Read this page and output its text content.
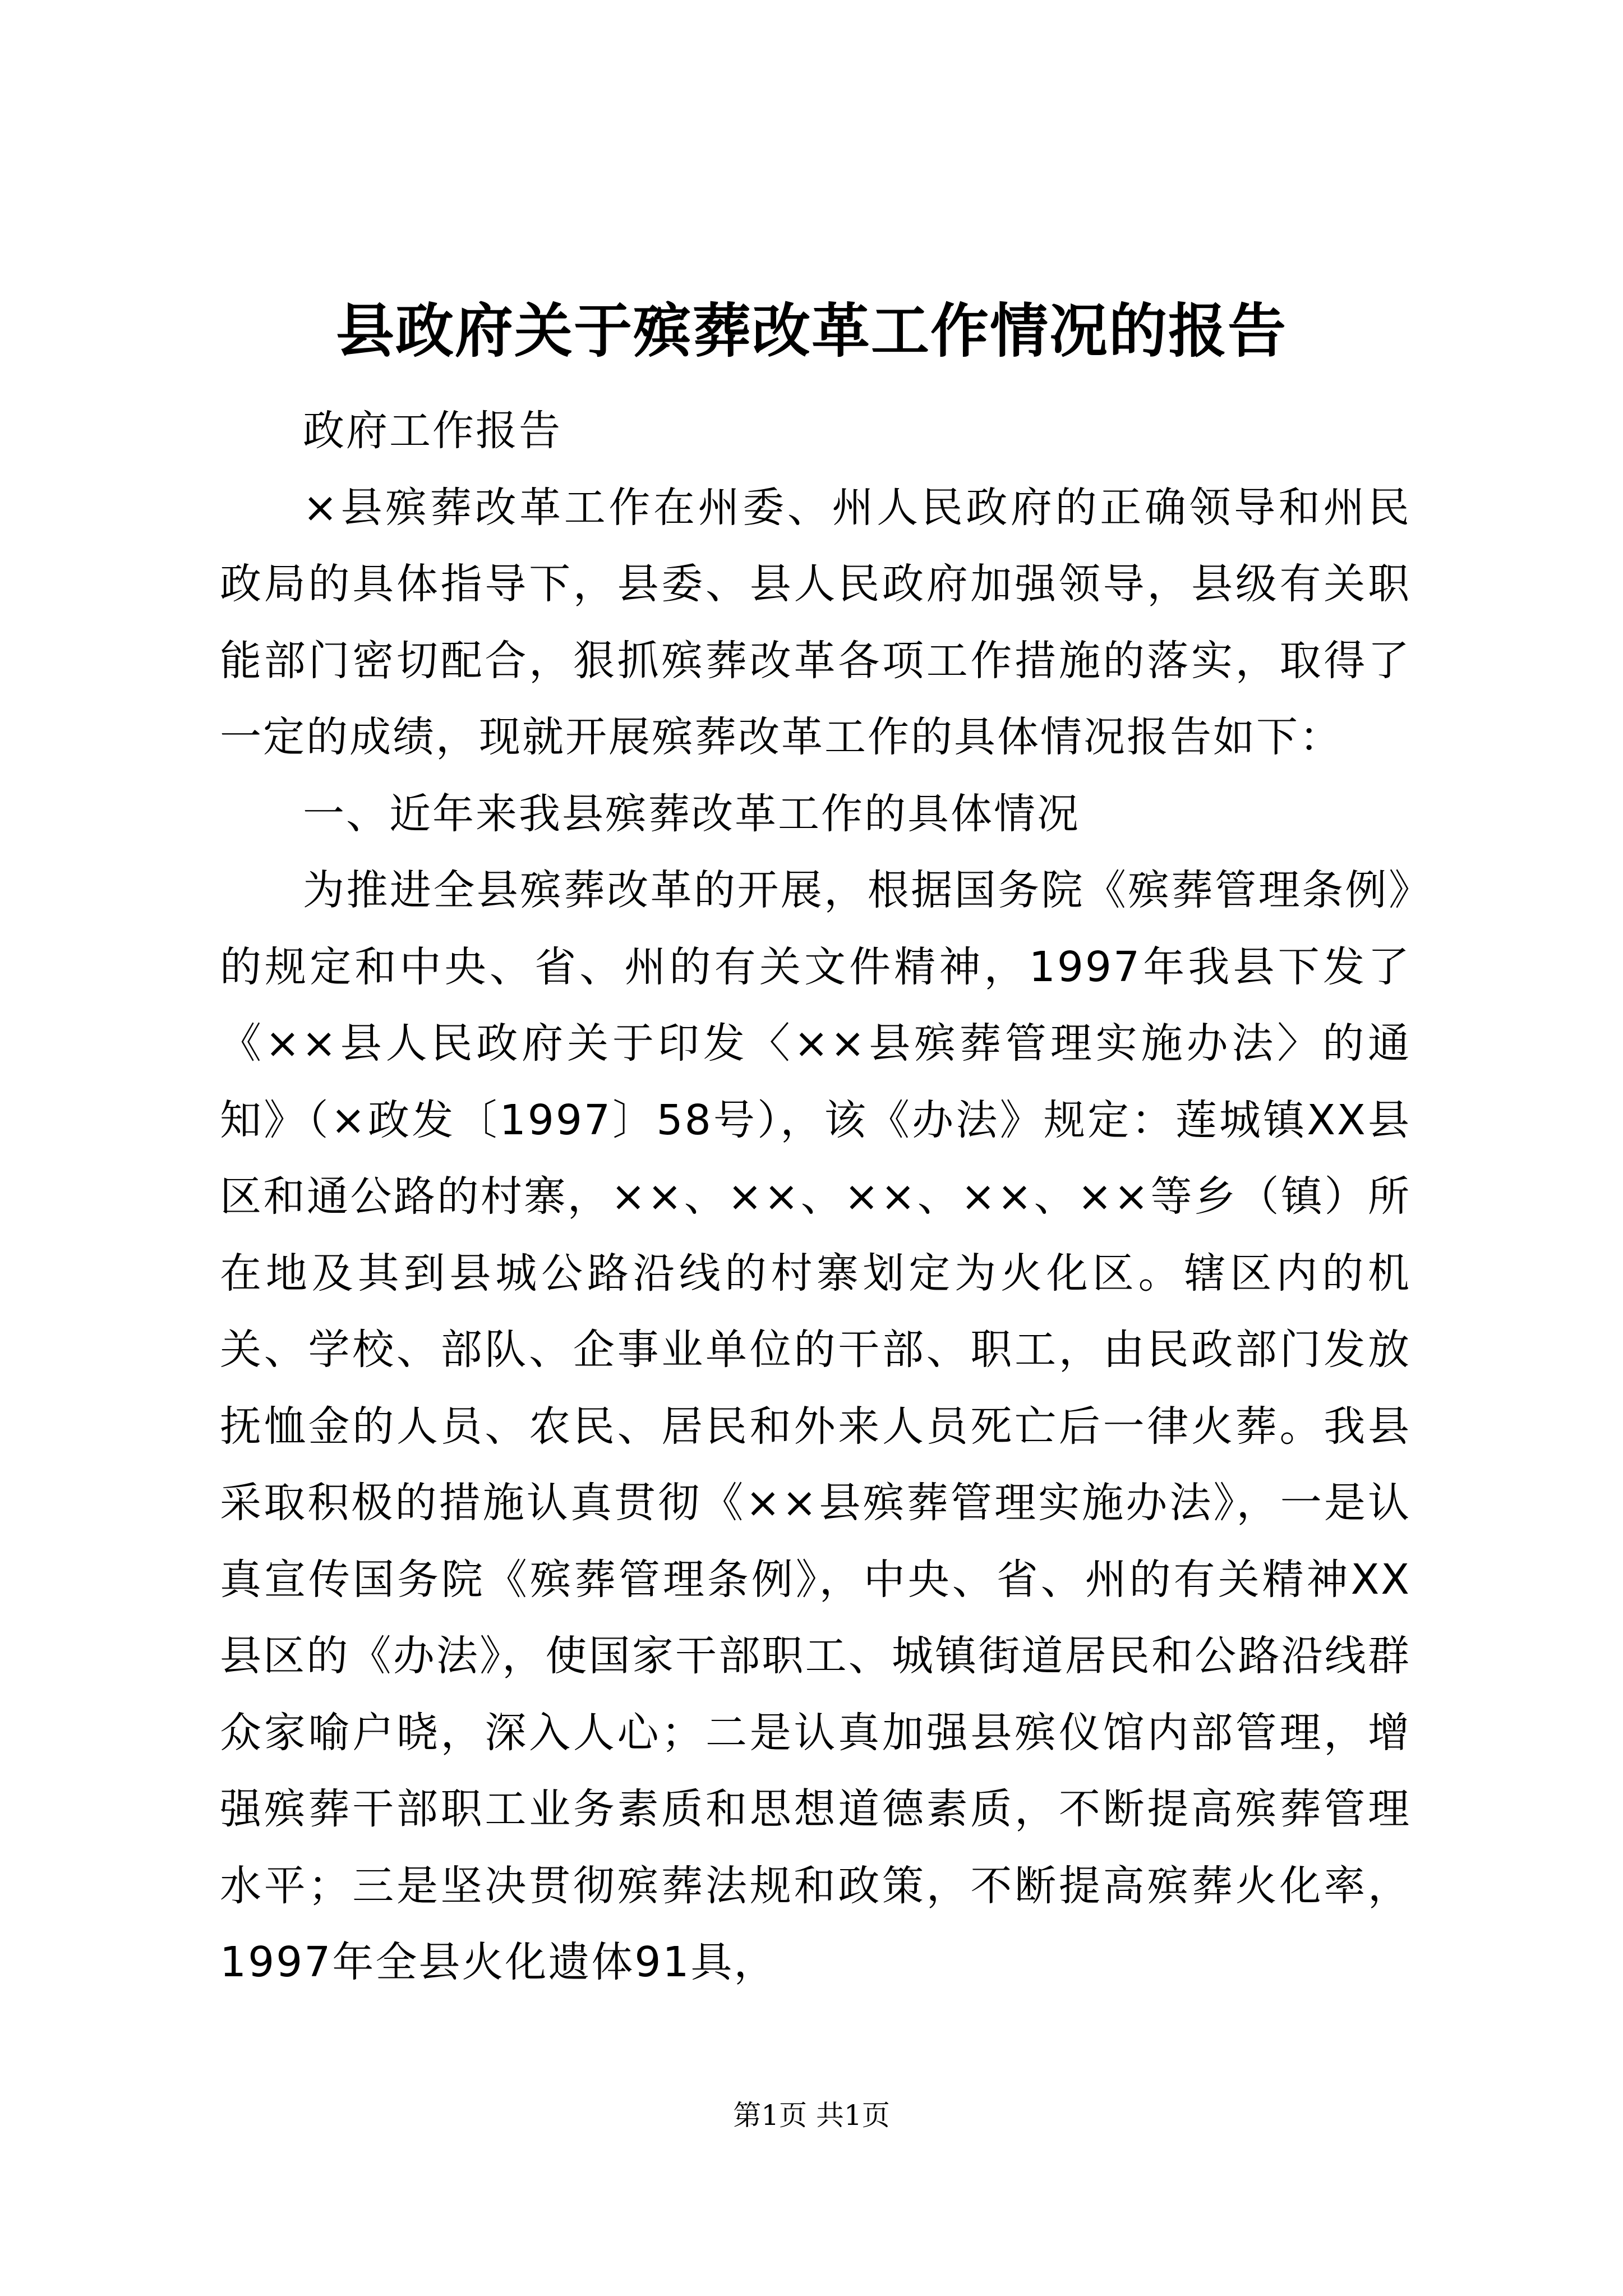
县政府关于殡葬改革工作情况的报告

政府工作报告

×县殡葬改革工作在州委、州人民政府的正确领导和州民政局的具体指导下，县委、县人民政府加强领导，县级有关职能部门密切配合，狠抓殡葬改革各项工作措施的落实，取得了一定的成绩，现就开展殡葬改革工作的具体情况报告如下：

一、近年来我县殡葬改革工作的具体情况

为推进全县殡葬改革的开展，根据国务院《殡葬管理条例》的规定和中央、省、州的有关文件精神，1997年我县下发了《××县人民政府关于印发〈××县殡葬管理实施办法〉的通知》（×政发〔1997〕58号），该《办法》规定：莲城镇XX县区和通公路的村寨，××、××、××、××、××等乡（镇）所在地及其到县城公路沿线的村寨划定为火化区。辖区内的机关、学校、部队、企事业单位的干部、职工，由民政部门发放抚恤金的人员、农民、居民和外来人员死亡后一律火葬。我县采取积极的措施认真贯彻《××县殡葬管理实施办法》，一是认真宣传国务院《殡葬管理条例》，中央、省、州的有关精神XX县区的《办法》，使国家干部职工、城镇街道居民和公路沿线群众家喻户晓，深入人心；二是认真加强县殡仪馆内部管理，增强殡葬干部职工业务素质和思想道德素质，不断提高殡葬管理水平；三是坚决贯彻殡葬法规和政策，不断提高殡葬火化率，1997年全县火化遗体91具，

第1页 共1页
